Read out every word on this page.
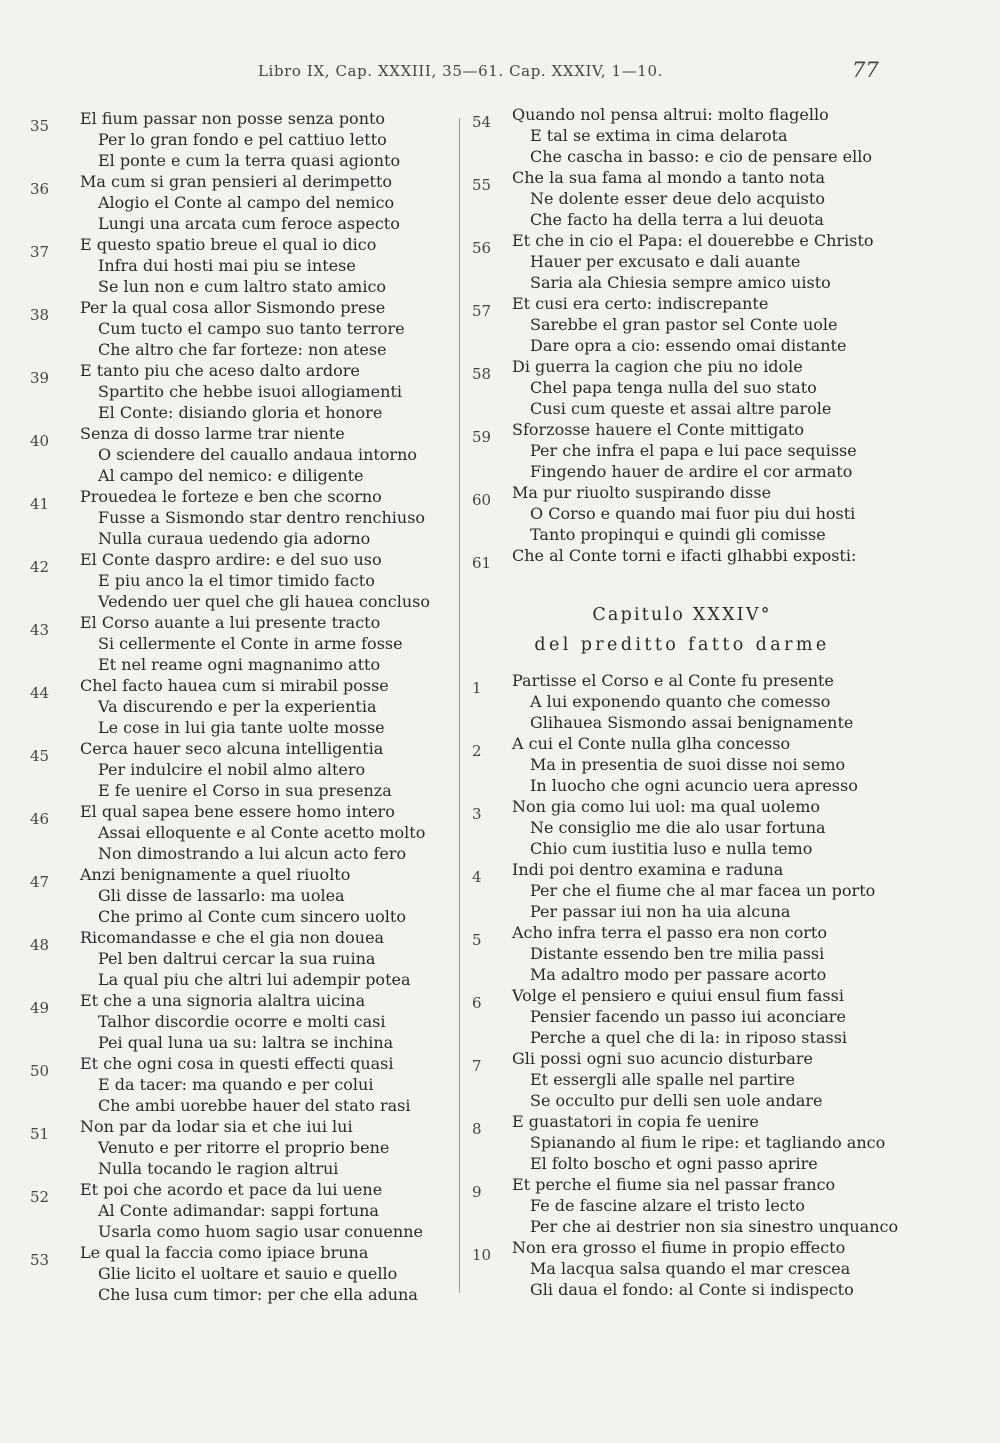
Libro IX, Cap. XXXIII, 35—61. Cap. XXXIV, 1—10.	77
35 El fium passar non posse senza ponto
Per lo gran fondo e pel cattiuo letto
El ponte e cum la terra quasi agionto
36 Ma cum si gran pensieri al derimpetto
Alogio el Conte al campo del nemico
Lungi una arcata cum feroce aspecto
37 E questo spatio breue el qual io dico
Infra dui hosti mai piu se intese
Se lun non e cum laltro stato amico
38 Per la qual cosa allor Sismondo prese
Cum tucto el campo suo tanto terrore
Che altro che far forteze: non atese
39 E tanto piu che aceso dalto ardore
Spartito che hebbe isuoi allogiamenti
El Conte: disiando gloria et honore
40 Senza di dosso larme trar niente
O sciendere del cauallo andaua intorno
Al campo del nemico: e diligente
41 Prouedea le forteze e ben che scorno
Fusse a Sismondo star dentro renchiuso
Nulla curaua uedendo gia adorno
42 El Conte daspro ardire: e del suo uso
E piu anco la el timor timido facto
Vedendo uer quel che gli hauea concluso
43 El Corso auante a lui presente tracto
Si cellermente el Conte in arme fosse
Et nel reame ogni magnanimo atto
44 Chel facto hauea cum si mirabil posse
Va discurendo e per la experientia
Le cose in lui gia tante uolte mosse
45 Cerca hauer seco alcuna intelligentia
Per indulcire el nobil almo altero
E fe uenire el Corso in sua presenza
46 El qual sapea bene essere homo intero
Assai elloquente e al Conte acetto molto
Non dimostrando a lui alcun acto fero
47 Anzi benignamente a quel riuolto
Gli disse de lassarlo: ma uolea
Che primo al Conte cum sincero uolto
48 Ricomandasse e che el gia non douea
Pel ben daltrui cercar la sua ruina
La qual piu che altri lui adempir potea
49 Et che a una signoria alaltra uicina
Talhor discordie ocorre e molti casi
Pei qual luna ua su: laltra se inchina
50 Et che ogni cosa in questi effecti quasi
E da tacer: ma quando e per colui
Che ambi uorebbe hauer del stato rasi
51 Non par da lodar sia et che iui lui
Venuto e per ritorre el proprio bene
Nulla tocando le ragion altrui
52 Et poi che acordo et pace da lui uene
Al Conte adimandar: sappi fortuna
Usarla como huom sagio usar conuenne
53 Le qual la faccia como ipiace bruna
Glie licito el uoltare et sauio e quello
Che lusa cum timor: per che ella aduna
54 Quando nol pensa altrui: molto flagello
E tal se extima in cima delarota
Che cascha in basso: e cio de pensare ello
55 Che la sua fama al mondo a tanto nota
Ne dolente esser deue delo acquisto
Che facto ha della terra a lui deuota
56 Et che in cio el Papa: el douerebbe e Christo
Hauer per excusato e dali auante
Saria ala Chiesia sempre amico uisto
57 Et cusi era certo: indiscrepante
Sarebbe el gran pastor sel Conte uole
Dare opra a cio: essendo omai distante
58 Di guerra la cagion che piu no idole
Chel papa tenga nulla del suo stato
Cusi cum queste et assai altre parole
59 Sforzosse hauere el Conte mittigato
Per che infra el papa e lui pace sequisse
Fingendo hauer de ardire el cor armato
60 Ma pur riuolto suspirando disse
O Corso e quando mai fuor piu dui hosti
Tanto propinqui e quindi gli comisse
61 Che al Conte torni e ifacti glhabbi exposti:
Capitulo XXXIV°
del preditto fatto darme
1 Partisse el Corso e al Conte fu presente
A lui exponendo quanto che comesso
Glihauea Sismondo assai benignamente
2 A cui el Conte nulla glha concesso
Ma in presentia de suoi disse noi semo
In luocho che ogni acuncio uera apresso
3 Non gia como lui uol: ma qual uolemo
Ne consiglio me die alo usar fortuna
Chio cum iustitia luso e nulla temo
4 Indi poi dentro examina e raduna
Per che el fiume che al mar facea un porto
Per passar iui non ha uia alcuna
5 Acho infra terra el passo era non corto
Distante essendo ben tre milia passi
Ma adaltro modo per passare acorto
6 Volge el pensiero e quiui ensul fium fassi
Pensier facendo un passo iui aconciare
Perche a quel che di la: in riposo stassi
7 Gli possi ogni suo acuncio disturbare
Et essergli alle spalle nel partire
Se occulto pur delli sen uole andare
8 E guastatori in copia fe uenire
Spianando al fium le ripe: et tagliando anco
El folto boscho et ogni passo aprire
9 Et perche el fiume sia nel passar franco
Fe de fascine alzare el tristo lecto
Per che ai destrier non sia sinestro unquanco
10 Non era grosso el fiume in propio effecto
Ma lacqua salsa quando el mar crescea
Gli daua el fondo: al Conte si indispecto
